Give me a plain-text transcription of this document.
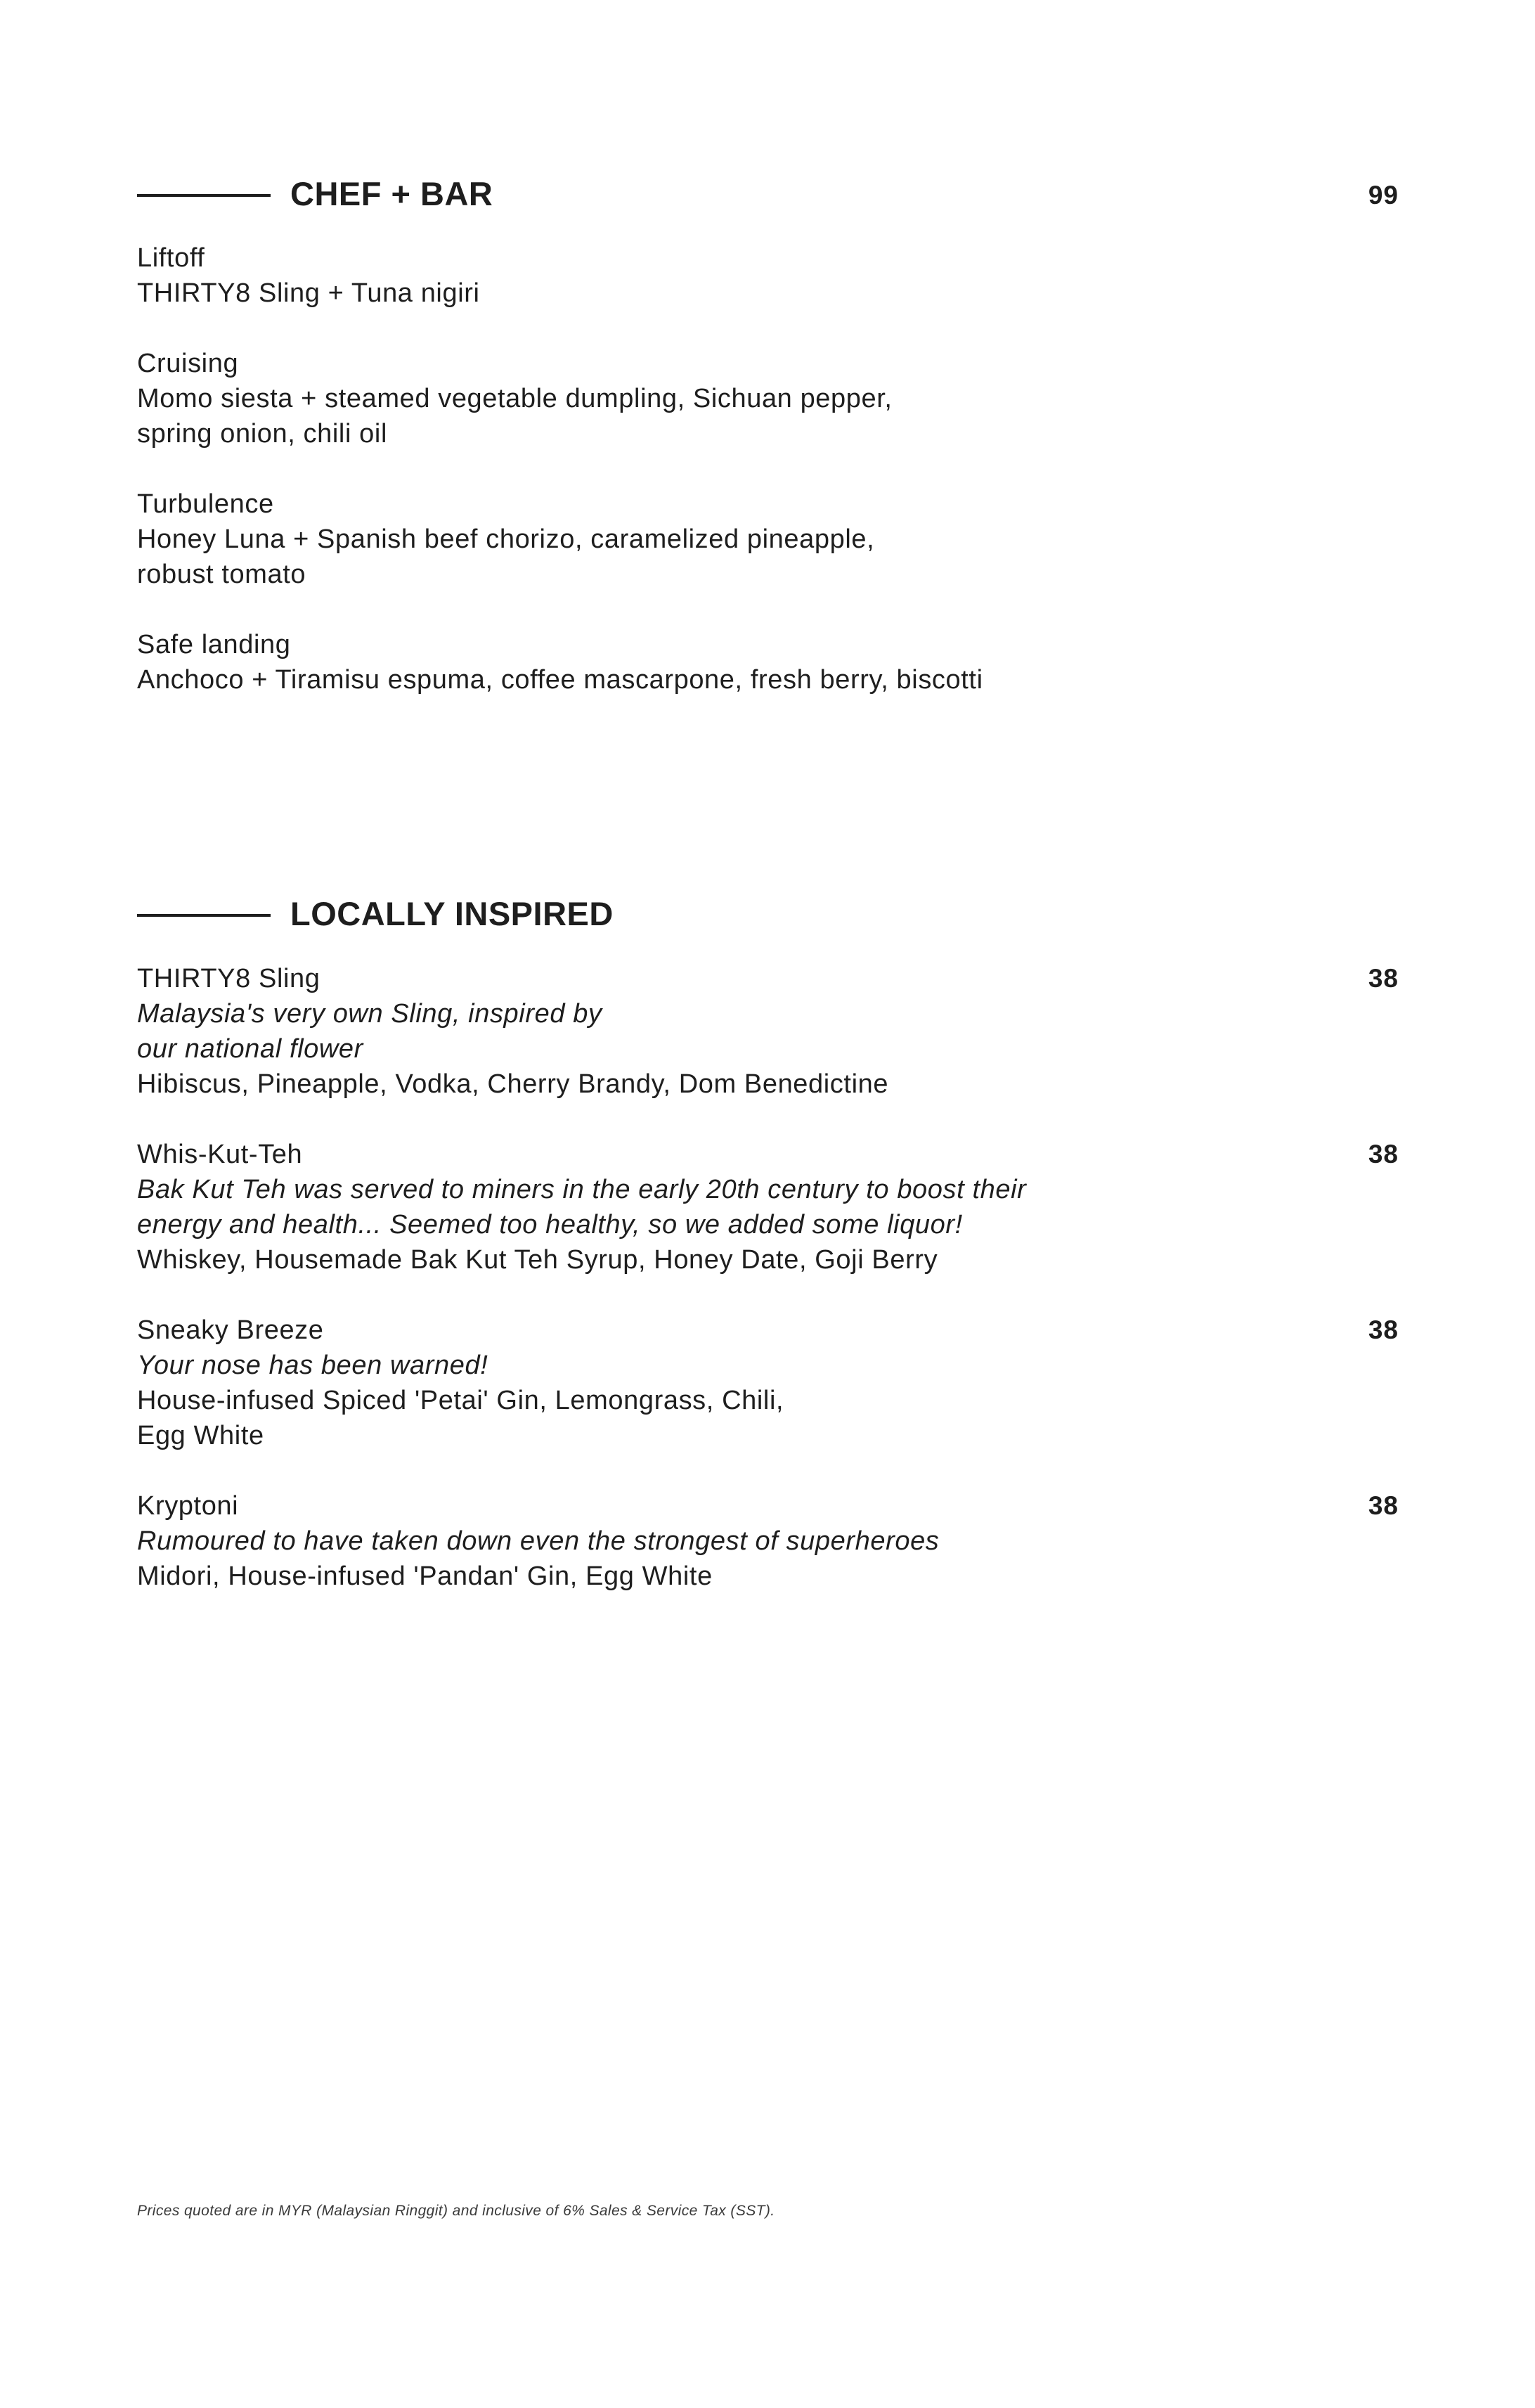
CHEF + BAR	99
Liftoff
THIRTY8 Sling + Tuna nigiri
Cruising
Momo siesta + steamed vegetable dumpling, Sichuan pepper,
spring onion, chili oil
Turbulence
Honey Luna + Spanish beef chorizo, caramelized pineapple,
robust tomato
Safe landing
Anchoco + Tiramisu espuma, coffee mascarpone, fresh berry, biscotti
LOCALLY INSPIRED
THIRTY8 Sling	38
Malaysia's very own Sling, inspired by
our national flower
Hibiscus, Pineapple, Vodka, Cherry Brandy, Dom Benedictine
Whis-Kut-Teh	38
Bak Kut Teh was served to miners in the early 20th century to boost their
energy and health... Seemed too healthy, so we added some liquor!
Whiskey, Housemade Bak Kut Teh Syrup, Honey Date, Goji Berry
Sneaky Breeze	38
Your nose has been warned!
House-infused Spiced 'Petai' Gin, Lemongrass, Chili,
Egg White
Kryptoni	38
Rumoured to have taken down even the strongest of superheroes
Midori, House-infused 'Pandan' Gin, Egg White
Prices quoted are in MYR (Malaysian Ringgit) and inclusive of 6% Sales & Service Tax (SST).
